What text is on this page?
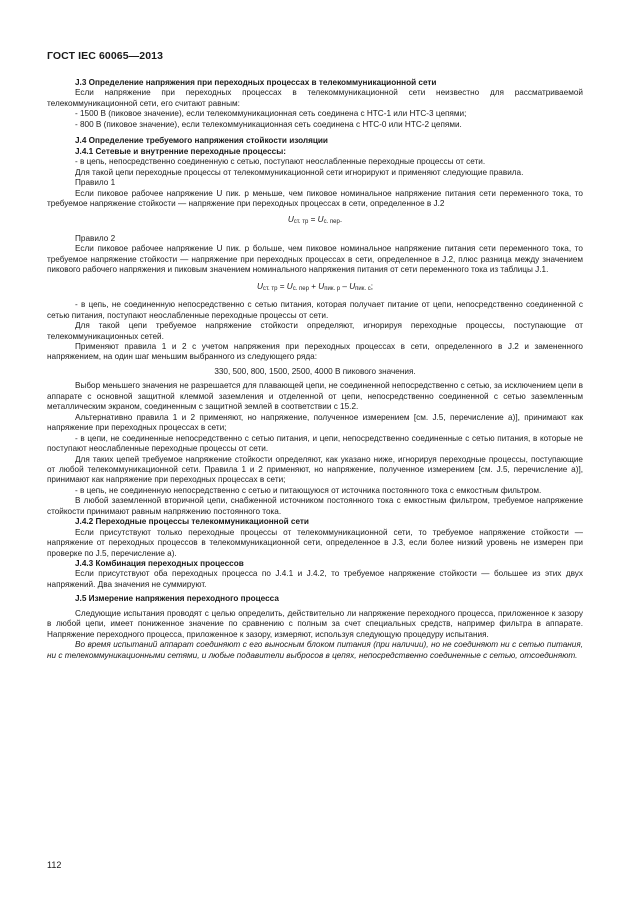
ГОСТ IEC 60065—2013

J.3 Определение напряжения при переходных процессах в телекоммуникационной сети

Если напряжение при переходных процессах в телекоммуникационной сети неизвестно для рассматриваемой телекоммуникационной сети, его считают равным:

- 1500 В (пиковое значение), если телекоммуникационная сеть соединена с НТС-1 или НТС-3 цепями;

- 800 В (пиковое значение), если телекоммуникационная сеть соединена с НТС-0 или НТС-2 цепями.

J.4 Определение требуемого напряжения стойкости изоляции

J.4.1 Сетевые и внутренние переходные процессы:

- в цепь, непосредственно соединенную с сетью, поступают неослабленные переходные процессы от сети.

Для такой цепи переходные процессы от телекоммуникационной сети игнорируют и применяют следующие правила.

Правило 1

Если пиковое рабочее напряжение U пик. р меньше, чем пиковое номинальное напряжение питания сети переменного тока, то требуемое напряжение стойкости — напряжение при переходных процессах в сети, определенное в J.2

$U_{ст. тр} = U_{с. пер}$.

Правило 2

Если пиковое рабочее напряжение U пик. р больше, чем пиковое номинальное напряжение питания сети переменного тока, то требуемое напряжение стойкости — напряжение при переходных процессах в сети, определенное в J.2, плюс разница между значением пикового рабочего напряжения и пиковым значением номинального напряжения питания от сети переменного тока из таблицы J.1.

$U_{ст. тр} = U_{с. пер} + U_{пик. р} - U_{пик. с}$;

- в цепь, не соединенную непосредственно с сетью питания, которая получает питание от цепи, непосредственно соединенной с сетью питания, поступают неослабленные переходные процессы от сети.

Для такой цепи требуемое напряжение стойкости определяют, игнорируя переходные процессы, поступающие от телекоммуникационных сетей.

Применяют правила 1 и 2 с учетом напряжения при переходных процессах в сети, определенного в J.2 и замененного напряжением, на один шаг меньшим выбранного из следующего ряда:

330, 500, 800, 1500, 2500, 4000 В пикового значения.

Выбор меньшего значения не разрешается для плавающей цепи, не соединенной непосредственно с сетью, за исключением цепи в аппарате с основной защитной клеммой заземления и отделенной от цепи, непосредственно соединенной с сетью заземленным металлическим экраном, соединенным с защитной землей в соответствии с 15.2.

Альтернативно правила 1 и 2 применяют, но напряжение, полученное измерением [см. J.5, перечисление а)], принимают как напряжение при переходных процессах в сети;

- в цепи, не соединенные непосредственно с сетью питания, и цепи, непосредственно соединенные с сетью питания, в которые не поступают неослабленные переходные процессы от сети.

Для таких цепей требуемое напряжение стойкости определяют, как указано ниже, игнорируя переходные процессы, поступающие от любой телекоммуникационной сети. Правила 1 и 2 применяют, но напряжение, полученное измерением [см. J.5, перечисление а)], принимают как напряжение при переходных процессах в сети;

- в цепь, не соединенную непосредственно с сетью и питающуюся от источника постоянного тока с емкостным фильтром.

В любой заземленной вторичной цепи, снабженной источником постоянного тока с емкостным фильтром, требуемое напряжение стойкости принимают равным напряжению постоянного тока.

J.4.2 Переходные процессы телекоммуникационной сети

Если присутствуют только переходные процессы от телекоммуникационной сети, то требуемое напряжение стойкости — напряжение от переходных процессов в телекоммуникационной сети, определенное в J.3, если более низкий уровень не измерен при проверке по J.5, перечисление а).

J.4.3 Комбинация переходных процессов

Если присутствуют оба переходных процесса по J.4.1 и J.4.2, то требуемое напряжение стойкости — большее из этих двух напряжений. Два значения не суммируют.

J.5 Измерение напряжения переходного процесса

Следующие испытания проводят с целью определить, действительно ли напряжение переходного процесса, приложенное к зазору в любой цепи, имеет пониженное значение по сравнению с полным за счет специальных средств, например фильтра в аппарате. Напряжение переходного процесса, приложенное к зазору, измеряют, используя следующую процедуру испытания.

Во время испытаний аппарат соединяют с его выносным блоком питания (при наличии), но не соединяют ни с сетью питания, ни с телекоммуникационными сетями, и любые подавители выбросов в цепях, непосредственно соединенные с сетью, отсоединяют.

112
